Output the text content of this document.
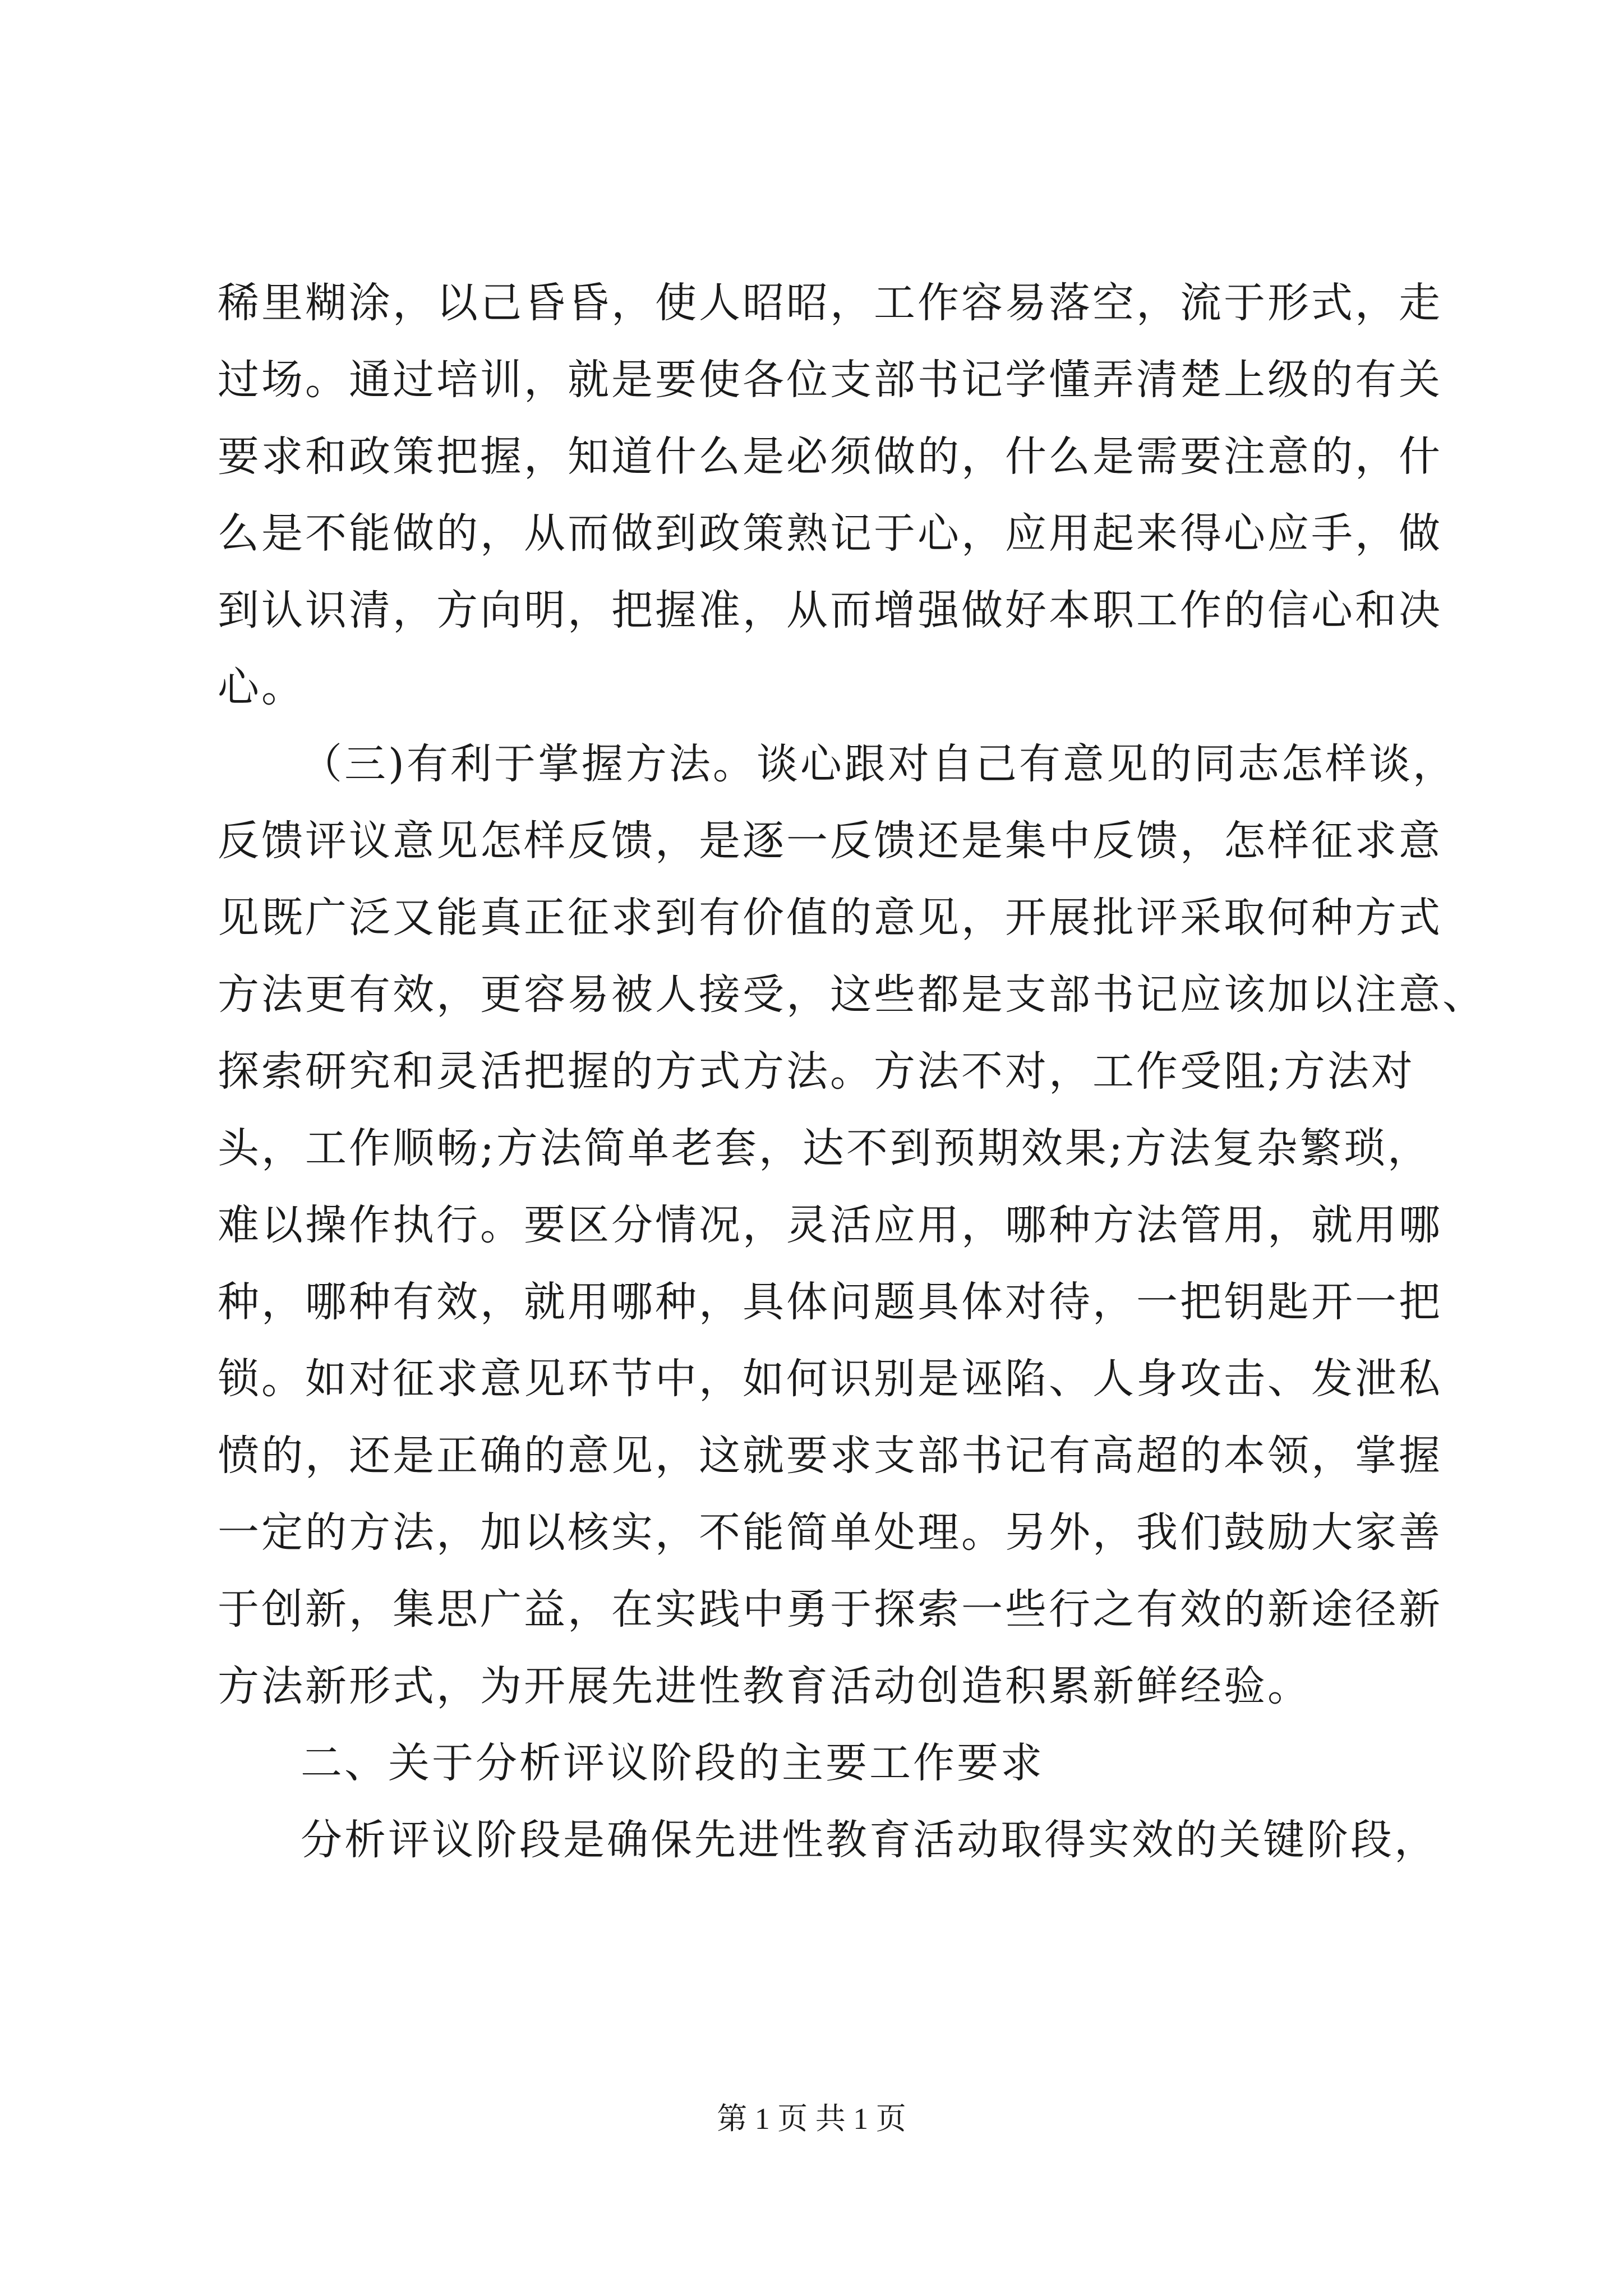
稀里糊涂，以己昏昏，使人昭昭，工作容易落空，流于形式，走
过场。通过培训，就是要使各位支部书记学懂弄清楚上级的有关
要求和政策把握，知道什么是必须做的，什么是需要注意的，什
么是不能做的，从而做到政策熟记于心，应用起来得心应手，做
到认识清，方向明，把握准，从而增强做好本职工作的信心和决
心。
（三)有利于掌握方法。谈心跟对自己有意见的同志怎样谈，
反馈评议意见怎样反馈，是逐一反馈还是集中反馈，怎样征求意
见既广泛又能真正征求到有价值的意见，开展批评采取何种方式
方法更有效，更容易被人接受，这些都是支部书记应该加以注意、
探索研究和灵活把握的方式方法。方法不对，工作受阻;方法对
头，工作顺畅;方法简单老套，达不到预期效果;方法复杂繁琐，
难以操作执行。要区分情况，灵活应用，哪种方法管用，就用哪
种，哪种有效，就用哪种，具体问题具体对待，一把钥匙开一把
锁。如对征求意见环节中，如何识别是诬陷、人身攻击、发泄私
愤的，还是正确的意见，这就要求支部书记有高超的本领，掌握
一定的方法，加以核实，不能简单处理。另外，我们鼓励大家善
于创新，集思广益，在实践中勇于探索一些行之有效的新途径新
方法新形式，为开展先进性教育活动创造积累新鲜经验。
二、关于分析评议阶段的主要工作要求
分析评议阶段是确保先进性教育活动取得实效的关键阶段，
第 1 页 共 1 页
